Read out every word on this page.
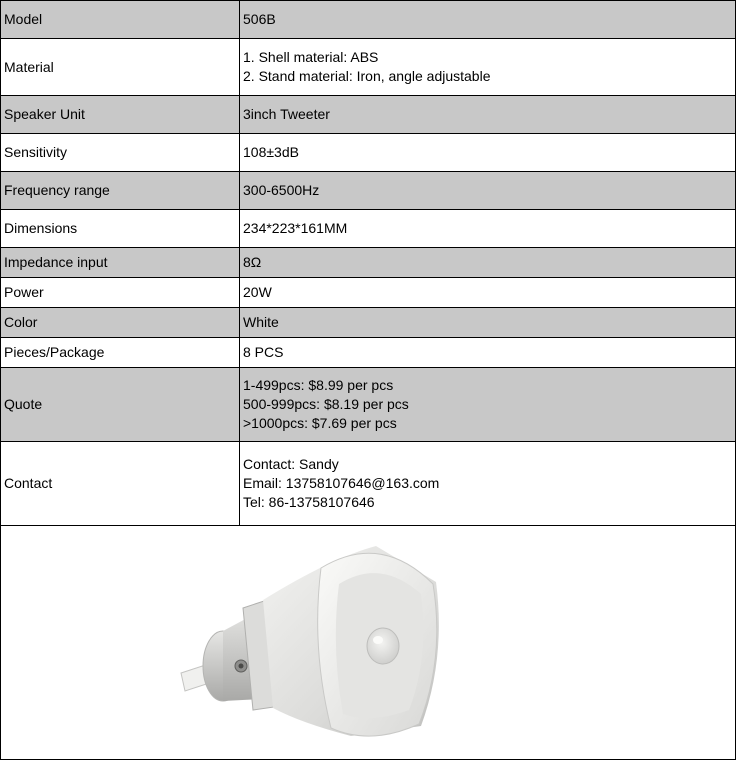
Model	506B

Material	1. Shell material: ABS
2. Stand material: Iron, angle adjustable

Speaker Unit	3inch Tweeter

Sensitivity	108±3dB

Frequency range	300-6500Hz

Dimensions	234*223*161MM

Impedance input	8Ω

Power	20W

Color	White

Pieces/Package	8 PCS

Quote	1-499pcs: $8.99 per pcs
500-999pcs: $8.19 per pcs
>1000pcs: $7.69 per pcs

Contact	Contact: Sandy
Email: 13758107646@163.com
Tel: 86-13758107646
